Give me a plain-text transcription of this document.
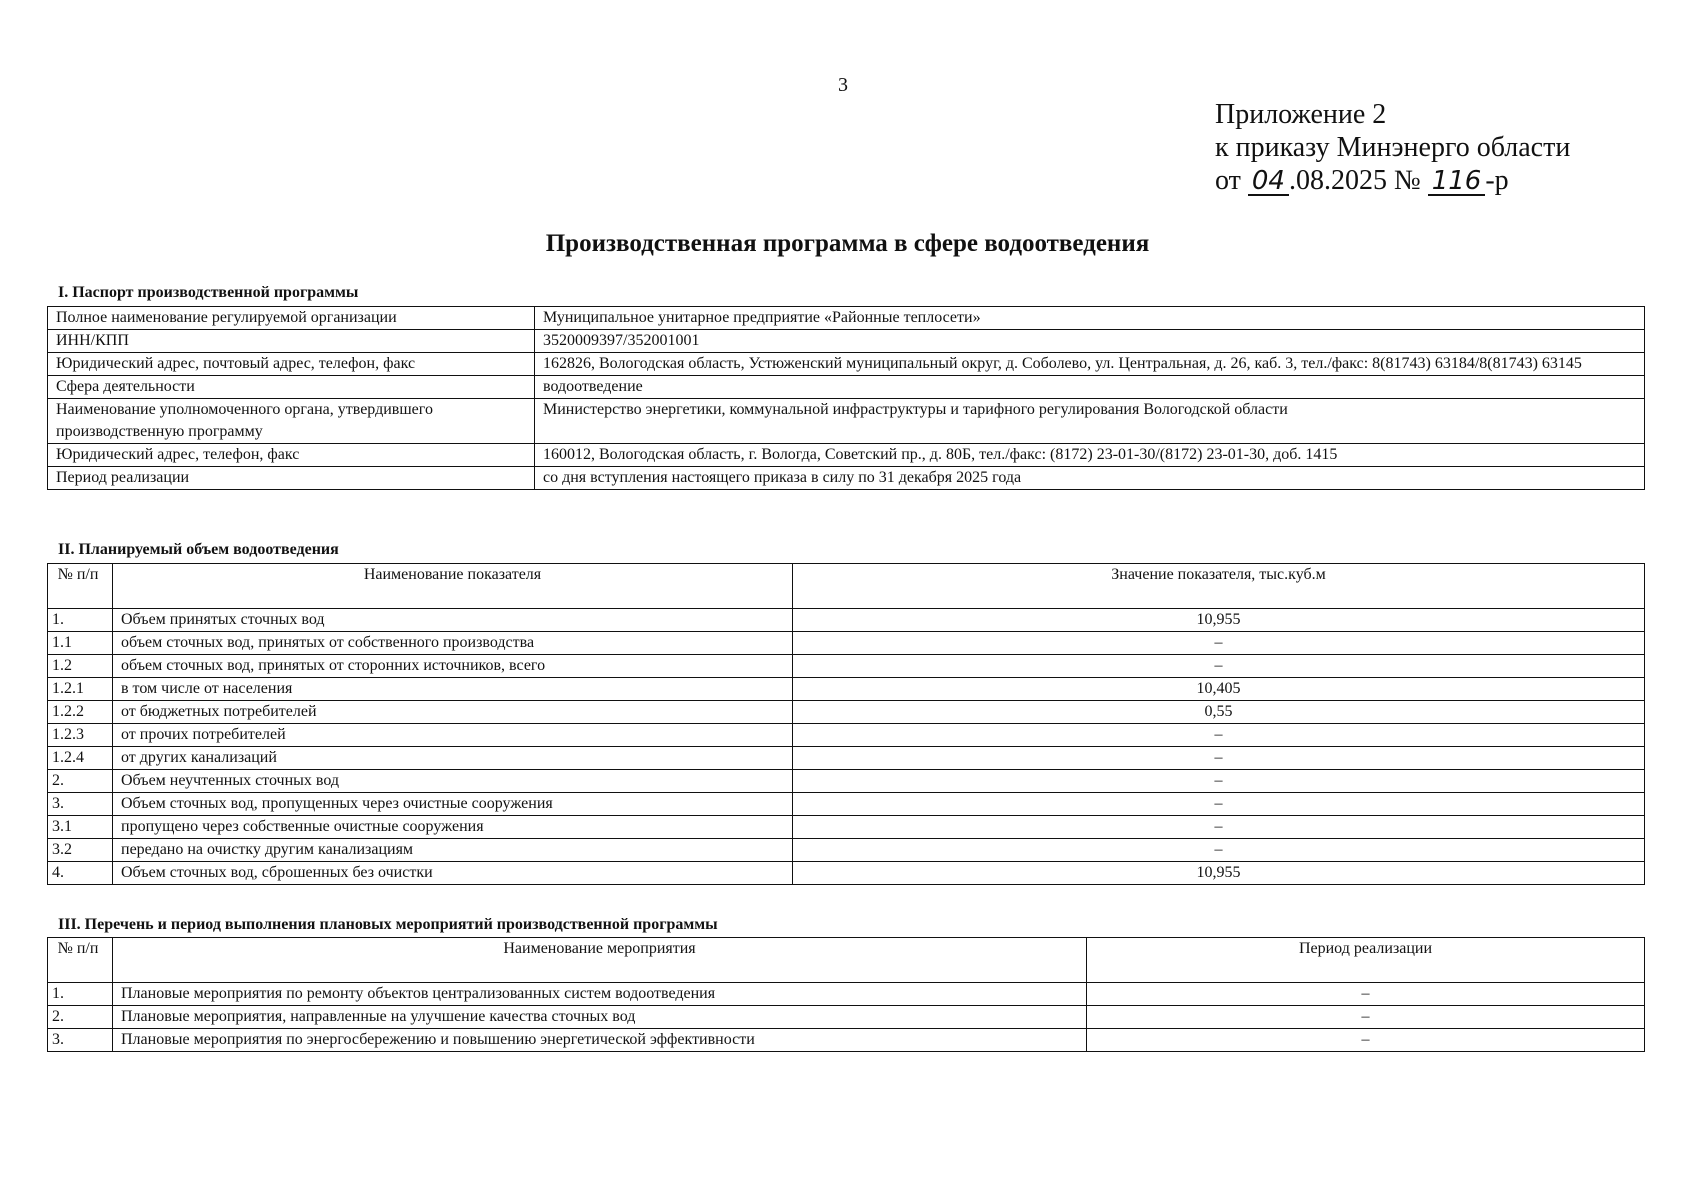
3
Приложение 2
к приказу Минэнерго области
от 04 .08.2025 № 116 -р
Производственная программа в сфере водоотведения
I. Паспорт производственной программы
Полное наименование регулируемой организации	Муниципальное унитарное предприятие «Районные теплосети»
ИНН/КПП	3520009397/352001001
Юридический адрес, почтовый адрес, телефон, факс	162826, Вологодская область, Устюженский муниципальный округ, д. Соболево, ул. Центральная, д. 26, каб. 3, тел./факс: 8(81743) 63184/8(81743) 63145
Сфера деятельности	водоотведение
Наименование уполномоченного органа, утвердившего производственную программу	Министерство энергетики, коммунальной инфраструктуры и тарифного регулирования Вологодской области
Юридический адрес, телефон, факс	160012, Вологодская область, г. Вологда, Советский пр., д. 80Б, тел./факс: (8172) 23-01-30/(8172) 23-01-30, доб. 1415
Период реализации	со дня вступления настоящего приказа в силу по 31 декабря 2025 года
II. Планируемый объем водоотведения
№ п/п	Наименование показателя	Значение показателя, тыс.куб.м
1.	Объем принятых сточных вод	10,955
1.1	объем сточных вод, принятых от собственного производства	–
1.2	объем сточных вод, принятых от сторонних источников, всего	–
1.2.1	в том числе от населения	10,405
1.2.2	от бюджетных потребителей	0,55
1.2.3	от прочих потребителей	–
1.2.4	от других канализаций	–
2.	Объем неучтенных сточных вод	–
3.	Объем сточных вод, пропущенных через очистные сооружения	–
3.1	пропущено через собственные очистные сооружения	–
3.2	передано на очистку другим канализациям	–
4.	Объем сточных вод, сброшенных без очистки	10,955
III. Перечень и период выполнения плановых мероприятий производственной программы
№ п/п	Наименование мероприятия	Период реализации
1.	Плановые мероприятия по ремонту объектов централизованных систем водоотведения	–
2.	Плановые мероприятия, направленные на улучшение качества сточных вод	–
3.	Плановые мероприятия по энергосбережению и повышению энергетической эффективности	–
